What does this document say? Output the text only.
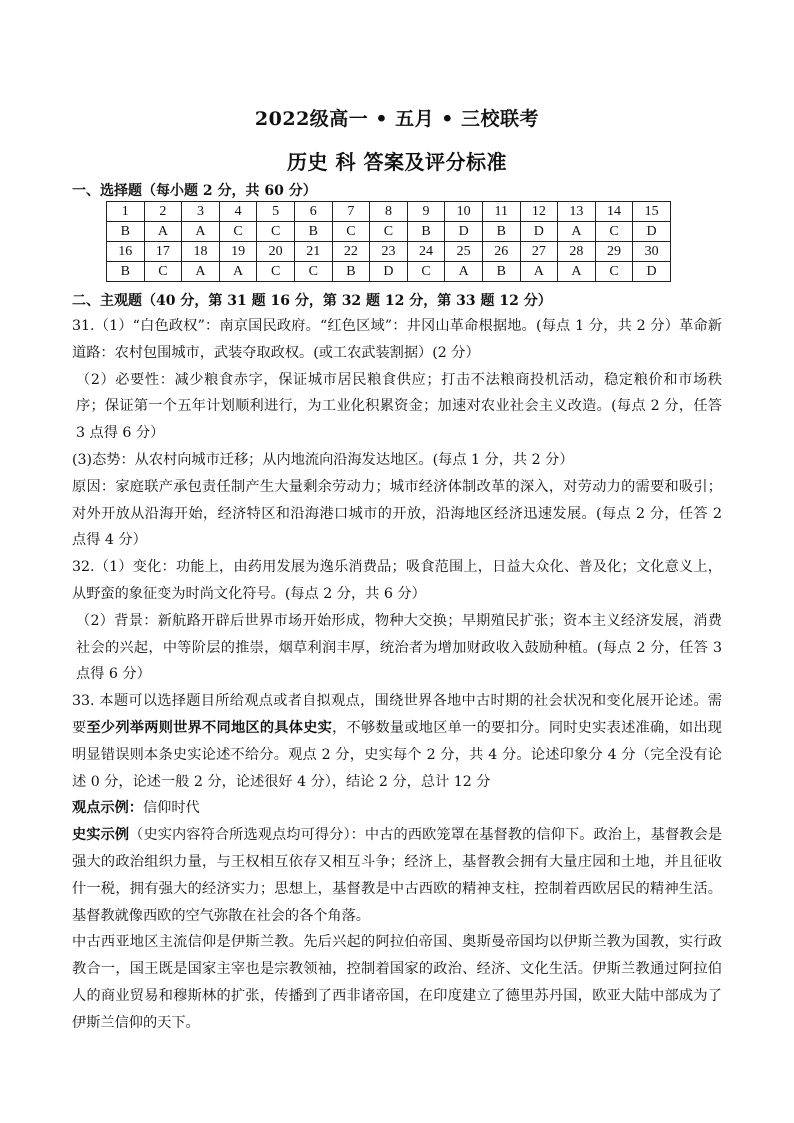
2022级高一 • 五月 • 三校联考
历史 科 答案及评分标准
一、选择题（每小题 2 分，共 60 分）
1	2	3	4	5	6	7	8	9	10	11	12	13	14	15
B	A	A	C	C	B	C	C	B	D	B	D	A	C	D
16	17	18	19	20	21	22	23	24	25	26	27	28	29	30
B	C	A	A	C	C	B	D	C	A	B	A	A	C	D
二、主观题（40 分，第 31 题 16 分，第 32 题 12 分，第 33 题 12 分）

31.（1）“白色政权”：南京国民政府。“红色区域”：井冈山革命根据地。(每点 1 分，共 2 分）革命新道路：农村包围城市，武装夺取政权。(或工农武装割据）(2 分）

（2）必要性：减少粮食赤字，保证城市居民粮食供应；打击不法粮商投机活动，稳定粮价和市场秩序；保证第一个五年计划顺利进行，为工业化积累资金；加速对农业社会主义改造。(每点 2 分，任答 3 点得 6 分）

(3)态势：从农村向城市迁移；从内地流向沿海发达地区。(每点 1 分，共 2 分）

原因：家庭联产承包责任制产生大量剩余劳动力；城市经济体制改革的深入，对劳动力的需要和吸引；对外开放从沿海开始，经济特区和沿海港口城市的开放，沿海地区经济迅速发展。(每点 2 分，任答 2 点得 4 分）

32.（1）变化：功能上，由药用发展为逸乐消费品；吸食范围上，日益大众化、普及化；文化意义上，从野蛮的象征变为时尚文化符号。(每点 2 分，共 6 分）

（2）背景：新航路开辟后世界市场开始形成，物种大交换；早期殖民扩张；资本主义经济发展，消费社会的兴起，中等阶层的推崇，烟草利润丰厚，统治者为增加财政收入鼓励种植。(每点 2 分，任答 3 点得 6 分）

33. 本题可以选择题目所给观点或者自拟观点，围绕世界各地中古时期的社会状况和变化展开论述。需要至少列举两则世界不同地区的具体史实，不够数量或地区单一的要扣分。同时史实表述准确，如出现明显错误则本条史实论述不给分。观点 2 分，史实每个 2 分，共 4 分。论述印象分 4 分（完全没有论述 0 分，论述一般 2 分，论述很好 4 分），结论 2 分，总计 12 分

观点示例：信仰时代

史实示例（史实内容符合所选观点均可得分）：中古的西欧笼罩在基督教的信仰下。政治上，基督教会是强大的政治组织力量，与王权相互依存又相互斗争；经济上，基督教会拥有大量庄园和土地，并且征收什一税，拥有强大的经济实力；思想上，基督教是中古西欧的精神支柱，控制着西欧居民的精神生活。基督教就像西欧的空气弥散在社会的各个角落。

中古西亚地区主流信仰是伊斯兰教。先后兴起的阿拉伯帝国、奥斯曼帝国均以伊斯兰教为国教，实行政教合一，国王既是国家主宰也是宗教领袖，控制着国家的政治、经济、文化生活。伊斯兰教通过阿拉伯人的商业贸易和穆斯林的扩张，传播到了西非诸帝国，在印度建立了德里苏丹国，欧亚大陆中部成为了伊斯兰信仰的天下。
